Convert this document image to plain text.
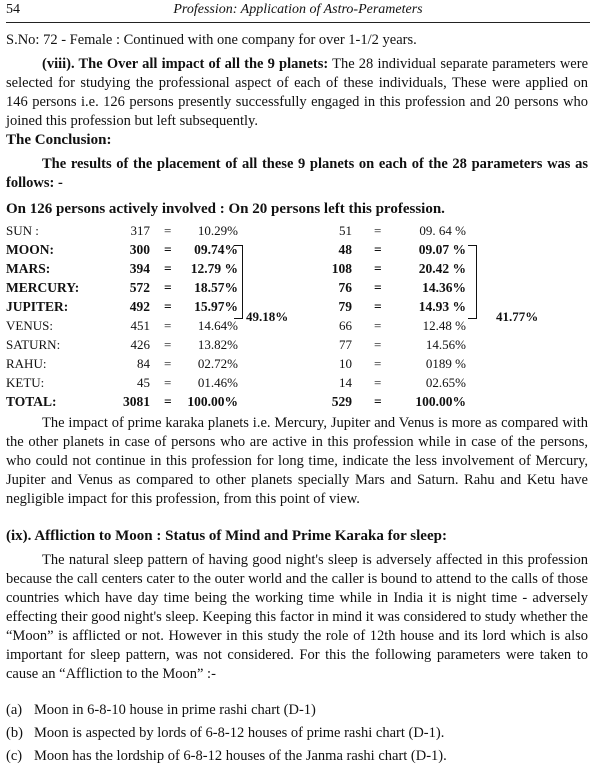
54	Profession: Application of Astro-Perameters
S.No: 72 - Female : Continued with one company for over 1-1/2 years.
(viii). The Over all impact of all the 9 planets: The 28 individual separate parameters were selected for studying the professional aspect of each of these individuals, These were applied on 146 persons i.e. 126 persons presently successfully engaged in this profession and 20 persons who joined this profession but left subsequently.
The Conclusion:
The results of the placement of all these 9 planets on each of the 28 parameters was as follows: -
On 126 persons actively involved : On 20 persons left this profession.
SUN :	317 =	10.29%	51 =	09. 64 %
MOON:	300 =	09.74%	48 =	09.07 %
MARS:	394 =	12.79 %	108 =	20.42 %
MERCURY:	572 =	18.57%	76 =	14.36%
JUPITER:	492 =	15.97%	79 =	14.93 %
VENUS:	451 =	14.64%	66 =	12.48 %
SATURN:	426 =	13.82%	77 =	14.56%
RAHU:	84 =	02.72%	10 =	0189 %
KETU:	45 =	01.46%	14 =	02.65%
TOTAL:	3081 = 100.00%	529 =	100.00%
49.18%	41.77%
The impact of prime karaka planets i.e. Mercury, Jupiter and Venus is more as compared with the other planets in case of persons who are active in this profession while in case of the persons, who could not continue in this profession for long time, indicate the less involvement of Mercury, Jupiter and Venus as compared to other planets specially Mars and Saturn. Rahu and Ketu have negligible impact for this profession, from this point of view.
(ix). Affliction to Moon : Status of Mind and Prime Karaka for sleep:
The natural sleep pattern of having good night's sleep is adversely affected in this profession because the call centers cater to the outer world and the caller is bound to attend to the calls of those countries which have day time being the working time while in India it is night time - adversely effecting their good night's sleep. Keeping this factor in mind it was considered to study whether the “Moon” is afflicted or not. However in this study the role of 12th house and its lord which is also important for sleep pattern, was not considered. For this the following parameters were taken to cause an “Affliction to the Moon” :-
(a) Moon in 6-8-10 house in prime rashi chart (D-1)
(b) Moon is aspected by lords of 6-8-12 houses of prime rashi chart (D-1).
(c) Moon has the lordship of 6-8-12 houses of the Janma rashi chart (D-1).
